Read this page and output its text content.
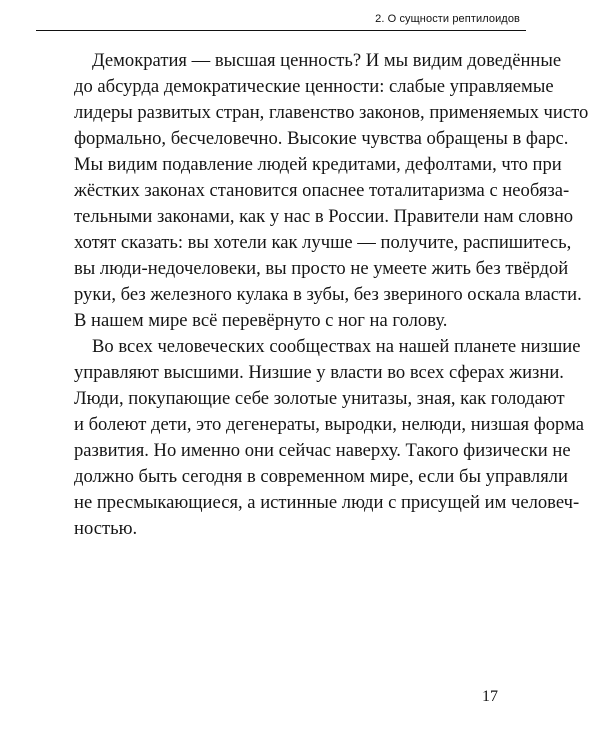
2. О сущности рептилоидов
Демократия — высшая ценность? И мы видим доведённые
до абсурда демократические ценности: слабые управляемые
лидеры развитых стран, главенство законов, применяемых чисто
формально, бесчеловечно. Высокие чувства обращены в фарс.
Мы видим подавление людей кредитами, дефолтами, что при
жёстких законах становится опаснее тоталитаризма с необяза-
тельными законами, как у нас в России. Правители нам словно
хотят сказать: вы хотели как лучше — получите, распишитесь,
вы люди-недочеловеки, вы просто не умеете жить без твёрдой
руки, без железного кулака в зубы, без звериного оскала власти.
В нашем мире всё перевёрнуто с ног на голову.
Во всех человеческих сообществах на нашей планете низшие
управляют высшими. Низшие у власти во всех сферах жизни.
Люди, покупающие себе золотые унитазы, зная, как голодают
и болеют дети, это дегенераты, выродки, нелюди, низшая форма
развития. Но именно они сейчас наверху. Такого физически не
должно быть сегодня в современном мире, если бы управляли
не пресмыкающиеся, а истинные люди с присущей им человеч-
ностью.
17
